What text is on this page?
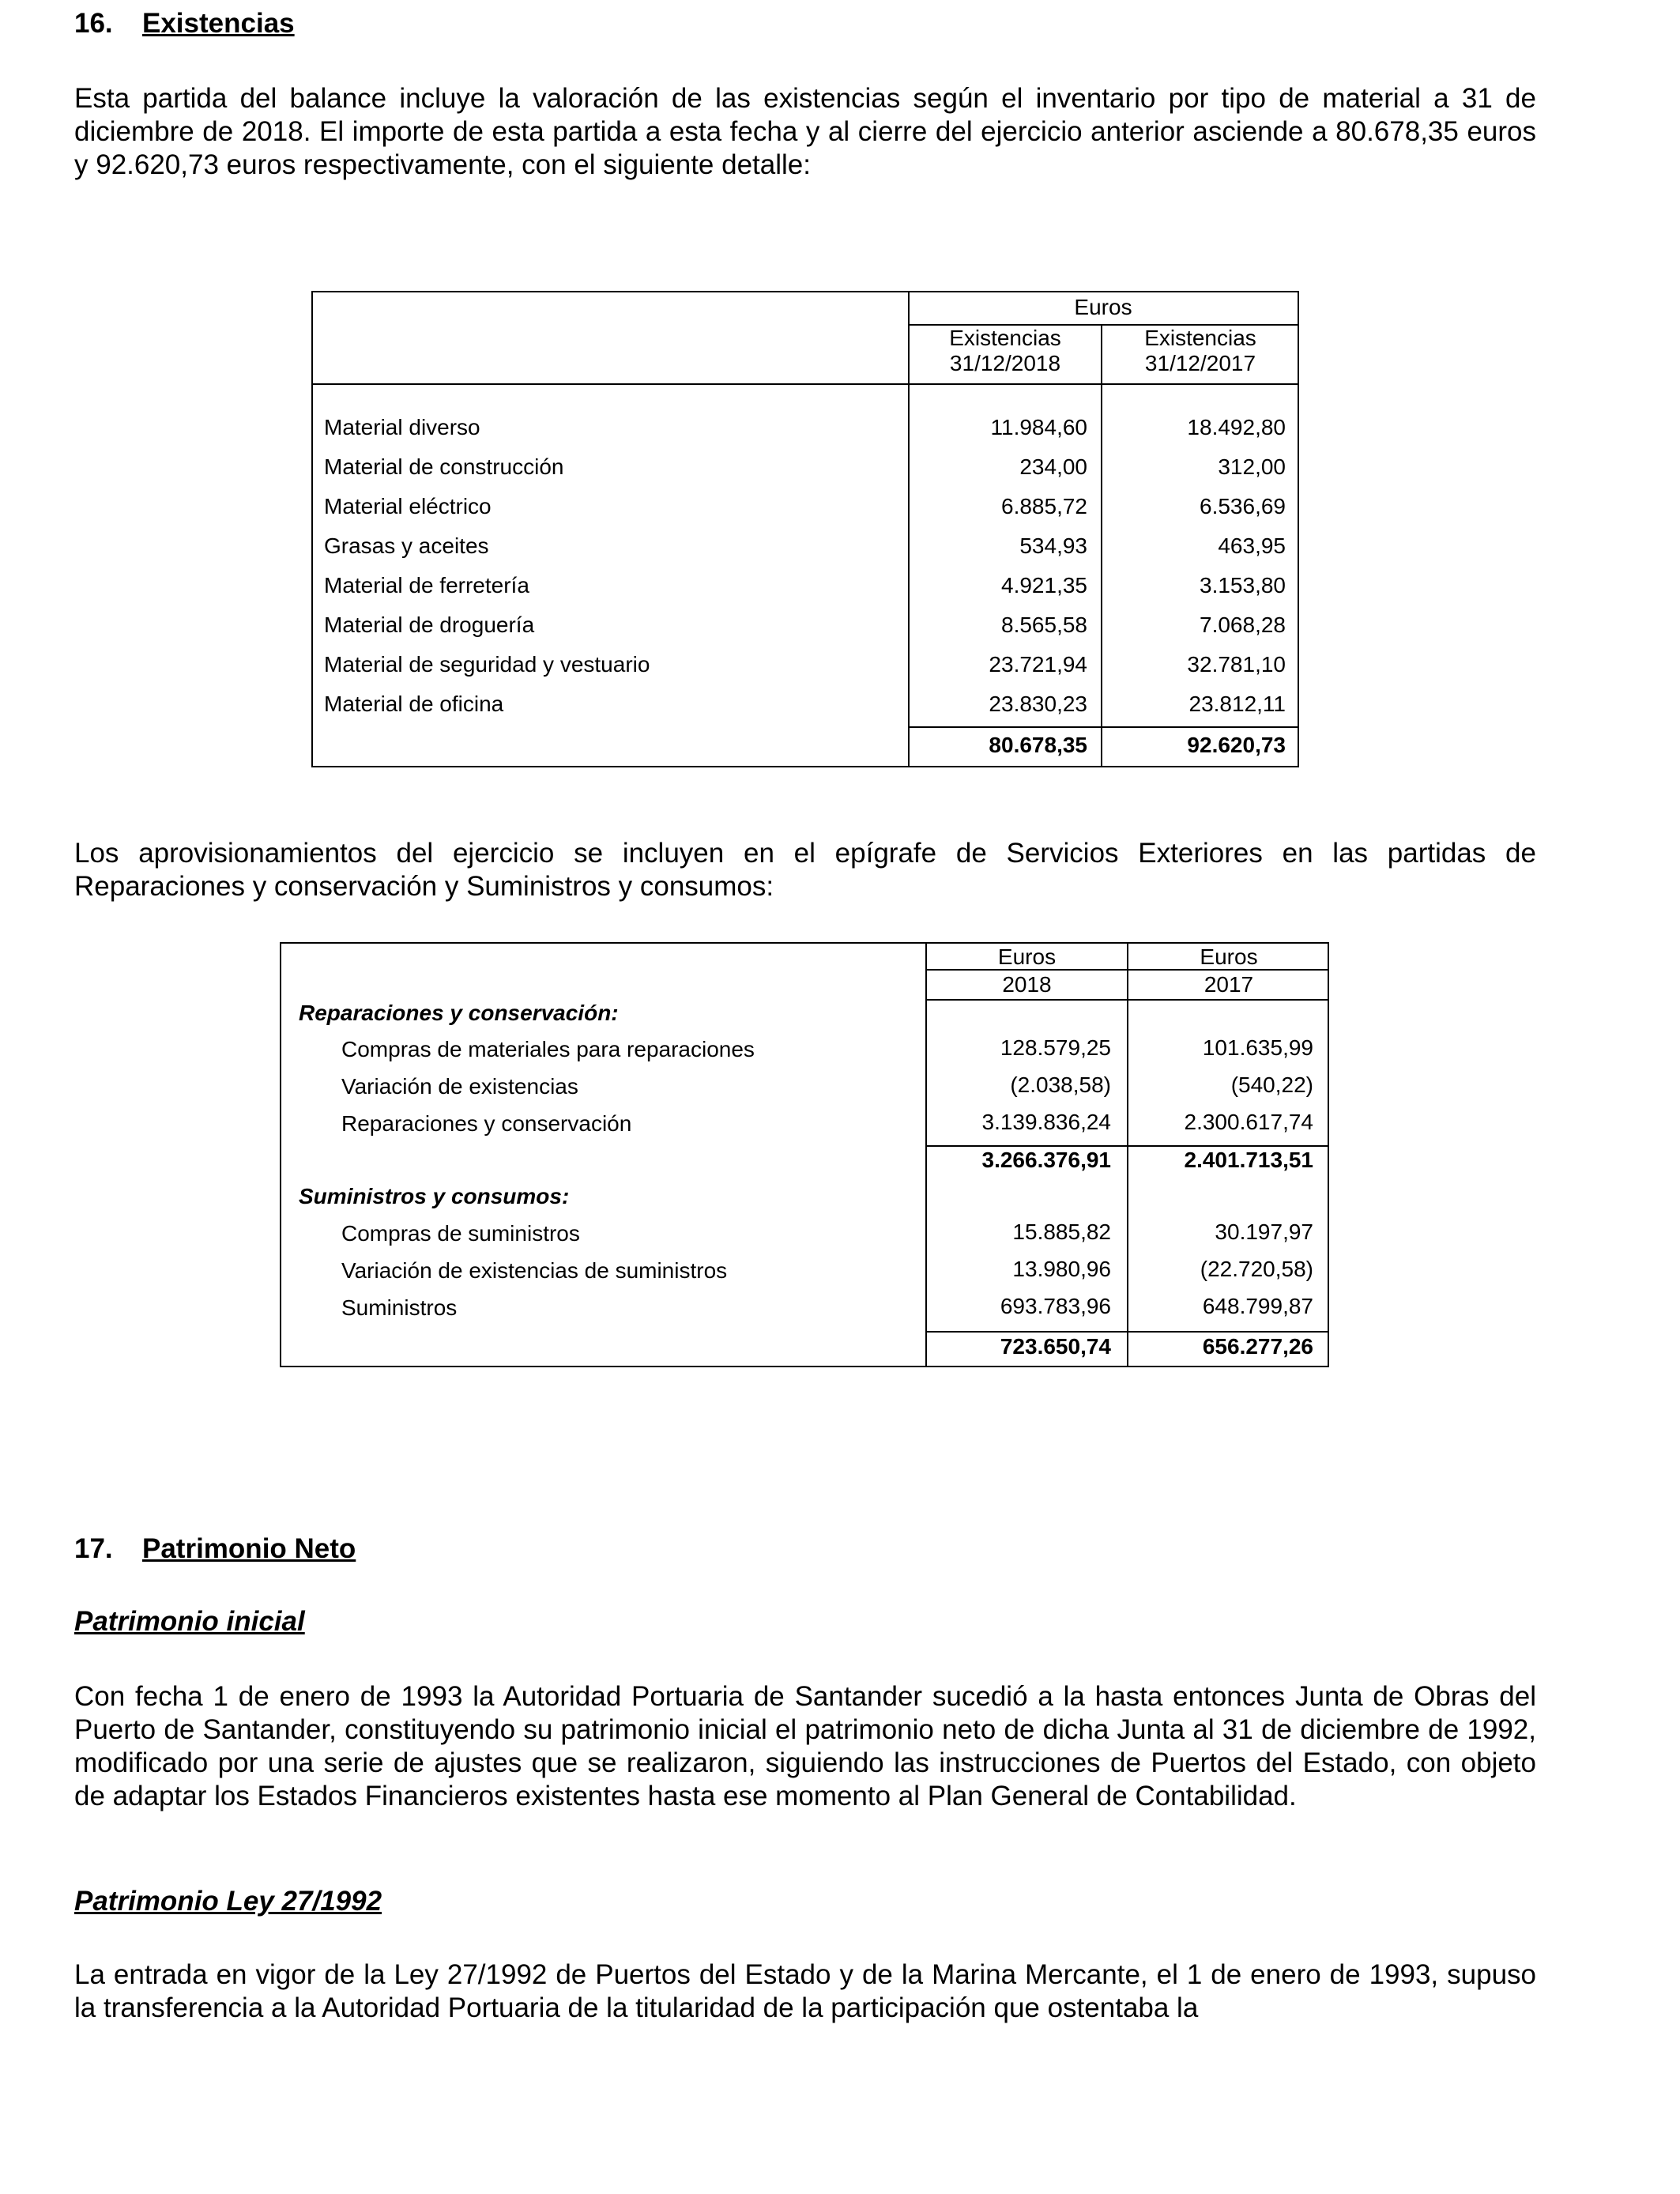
16. Existencias
Esta partida del balance incluye la valoración de las existencias según el inventario por tipo de material a 31 de diciembre de 2018. El importe de esta partida a esta fecha y al cierre del ejercicio anterior asciende a 80.678,35 euros y 92.620,73 euros respectivamente, con el siguiente detalle:
Euros
Existencias
31/12/2018
Existencias
31/12/2017
Material diverso	11.984,60	18.492,80
Material de construcción	234,00	312,00
Material eléctrico	6.885,72	6.536,69
Grasas y aceites	534,93	463,95
Material de ferretería	4.921,35	3.153,80
Material de droguería	8.565,58	7.068,28
Material de seguridad y vestuario	23.721,94	32.781,10
Material de oficina	23.830,23	23.812,11
80.678,35	92.620,73
Los aprovisionamientos del ejercicio se incluyen en el epígrafe de Servicios Exteriores en las partidas de Reparaciones y conservación y Suministros y consumos:
Euros
2018
Euros
2017
Reparaciones y conservación:
Compras de materiales para reparaciones	128.579,25	101.635,99
Variación de existencias	(2.038,58)	(540,22)
Reparaciones y conservación	3.139.836,24	2.300.617,74
3.266.376,91	2.401.713,51
Suministros y consumos:
Compras de suministros	15.885,82	30.197,97
Variación de existencias de suministros	13.980,96	(22.720,58)
Suministros	693.783,96	648.799,87
723.650,74	656.277,26
17. Patrimonio Neto
Patrimonio inicial
Con fecha 1 de enero de 1993 la Autoridad Portuaria de Santander sucedió a la hasta entonces Junta de Obras del Puerto de Santander, constituyendo su patrimonio inicial el patrimonio neto de dicha Junta al 31 de diciembre de 1992, modificado por una serie de ajustes que se realizaron, siguiendo las instrucciones de Puertos del Estado, con objeto de adaptar los Estados Financieros existentes hasta ese momento al Plan General de Contabilidad.
Patrimonio Ley 27/1992
La entrada en vigor de la Ley 27/1992 de Puertos del Estado y de la Marina Mercante, el 1 de enero de 1993, supuso la transferencia a la Autoridad Portuaria de la titularidad de la participación que ostentaba la
